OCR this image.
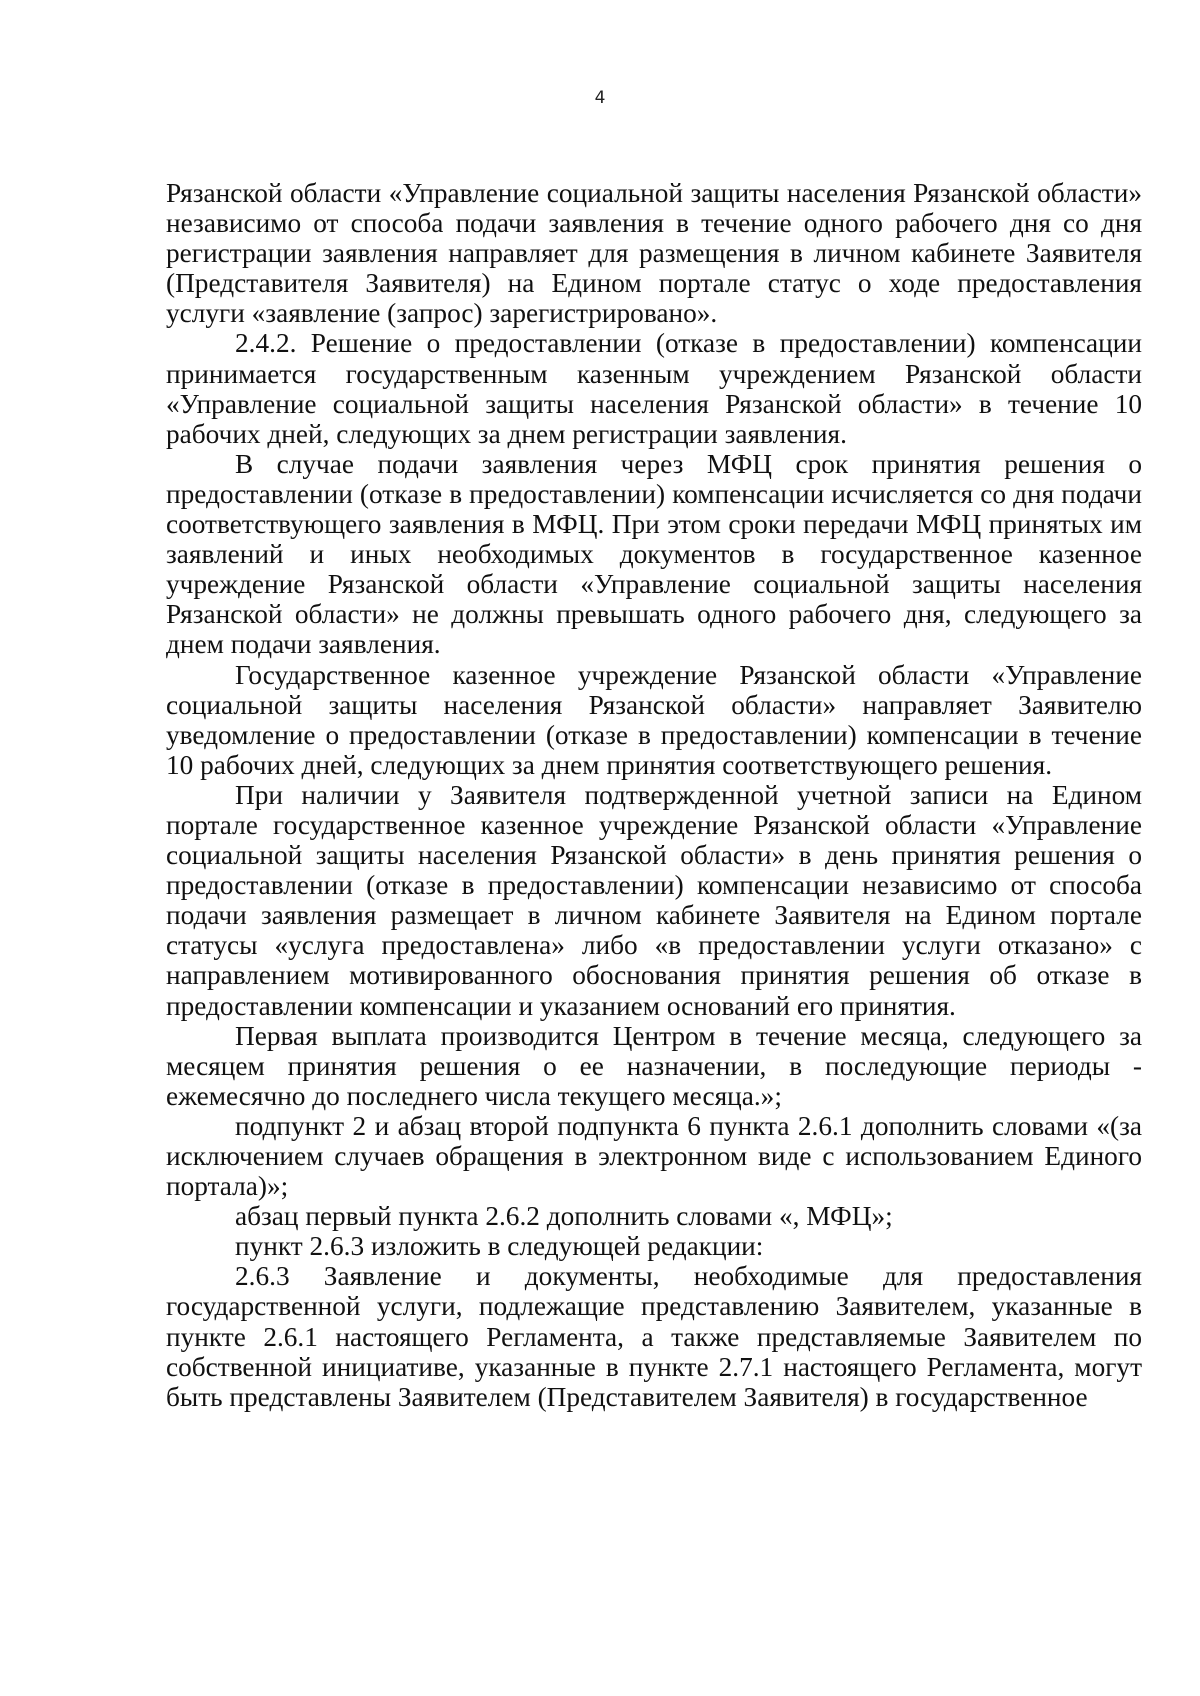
4

Рязанской области «Управление социальной защиты населения Рязанской области» независимо от способа подачи заявления в течение одного рабочего дня со дня регистрации заявления направляет для размещения в личном кабинете Заявителя (Представителя Заявителя) на Едином портале статус о ходе предоставления услуги «заявление (запрос) зарегистрировано».

2.4.2. Решение о предоставлении (отказе в предоставлении) компенсации принимается государственным казенным учреждением Рязанской области «Управление социальной защиты населения Рязанской области» в течение 10 рабочих дней, следующих за днем регистрации заявления.

В случае подачи заявления через МФЦ срок принятия решения о предоставлении (отказе в предоставлении) компенсации исчисляется со дня подачи соответствующего заявления в МФЦ. При этом сроки передачи МФЦ принятых им заявлений и иных необходимых документов в государственное казенное учреждение Рязанской области «Управление социальной защиты населения Рязанской области» не должны превышать одного рабочего дня, следующего за днем подачи заявления.

Государственное казенное учреждение Рязанской области «Управление социальной защиты населения Рязанской области» направляет Заявителю уведомление о предоставлении (отказе в предоставлении) компенсации в течение 10 рабочих дней, следующих за днем принятия соответствующего решения.

При наличии у Заявителя подтвержденной учетной записи на Едином портале государственное казенное учреждение Рязанской области «Управление социальной защиты населения Рязанской области» в день принятия решения о предоставлении (отказе в предоставлении) компенсации независимо от способа подачи заявления размещает в личном кабинете Заявителя на Едином портале статусы «услуга предоставлена» либо «в предоставлении услуги отказано» с направлением мотивированного обоснования принятия решения об отказе в предоставлении компенсации и указанием оснований его принятия.

Первая выплата производится Центром в течение месяца, следующего за месяцем принятия решения о ее назначении, в последующие периоды - ежемесячно до последнего числа текущего месяца.»;

подпункт 2 и абзац второй подпункта 6 пункта 2.6.1 дополнить словами «(за исключением случаев обращения в электронном виде с использованием Единого портала)»;

абзац первый пункта 2.6.2 дополнить словами «, МФЦ»;

пункт 2.6.3 изложить в следующей редакции:

2.6.3 Заявление и документы, необходимые для предоставления государственной услуги, подлежащие представлению Заявителем, указанные в пункте 2.6.1 настоящего Регламента, а также представляемые Заявителем по собственной инициативе, указанные в пункте 2.7.1 настоящего Регламента, могут быть представлены Заявителем (Представителем Заявителя) в государственное
